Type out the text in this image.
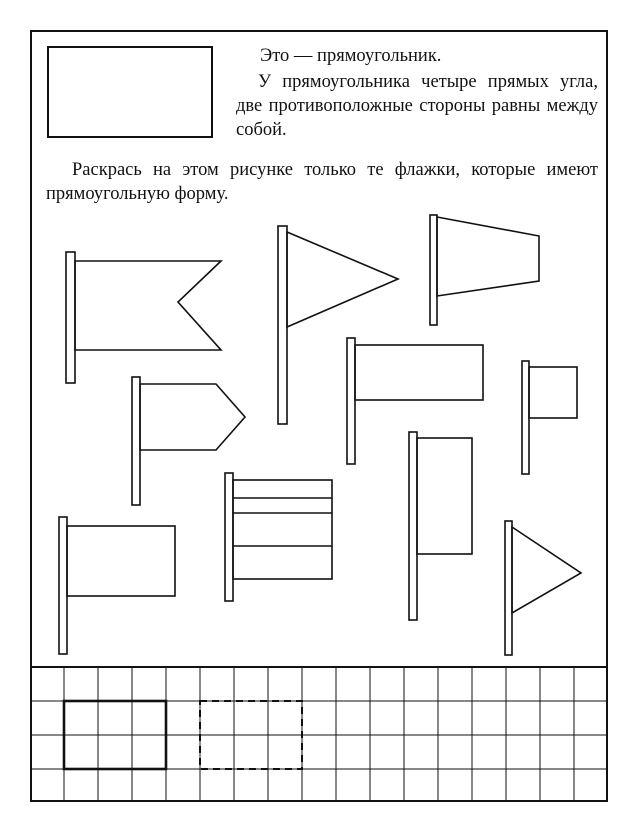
Это — прямоугольник.

У прямоугольника четыре прямых угла, две противоположные стороны равны между собой.

Раскрась на этом рисунке только те флажки, которые имеют прямоугольную форму.
